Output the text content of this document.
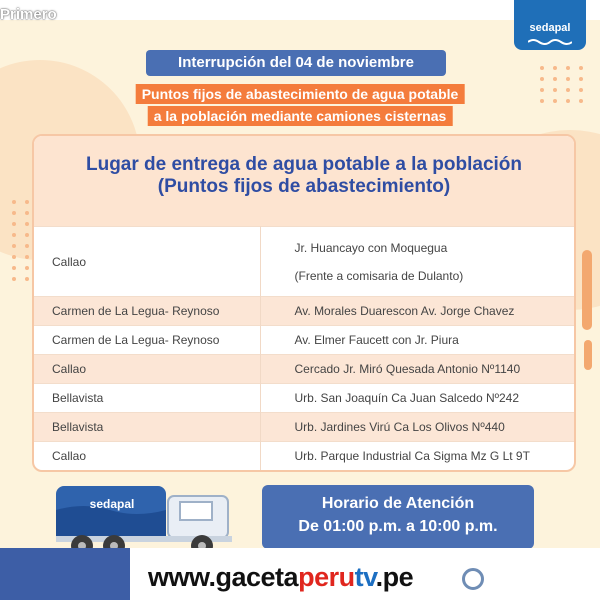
Primero
sedapal
Interrupción del 04 de noviembre
Puntos fijos de abastecimiento de agua potable
a la población mediante camiones cisternas
Lugar de entrega de agua potable a la población
(Puntos fijos de abastecimiento)
Callao	Jr. Huancayo con Moquegua
(Frente a comisaria de Dulanto)

Carmen de La Legua- Reynoso	Av. Morales Duarescon Av. Jorge Chavez
Carmen de La Legua- Reynoso	Av. Elmer Faucett con Jr. Piura
Callao	Cercado Jr. Miró Quesada Antonio Nº1140
Bellavista	Urb. San Joaquín Ca Juan Salcedo Nº242
Bellavista	Urb. Jardines Virú Ca Los Olivos Nº440
Callao	Urb. Parque Industrial Ca Sigma Mz G Lt 9T
sedapal	Horario de Atención
De 01:00 p.m. a 10:00 p.m.
www.gacetaperutv.pe
